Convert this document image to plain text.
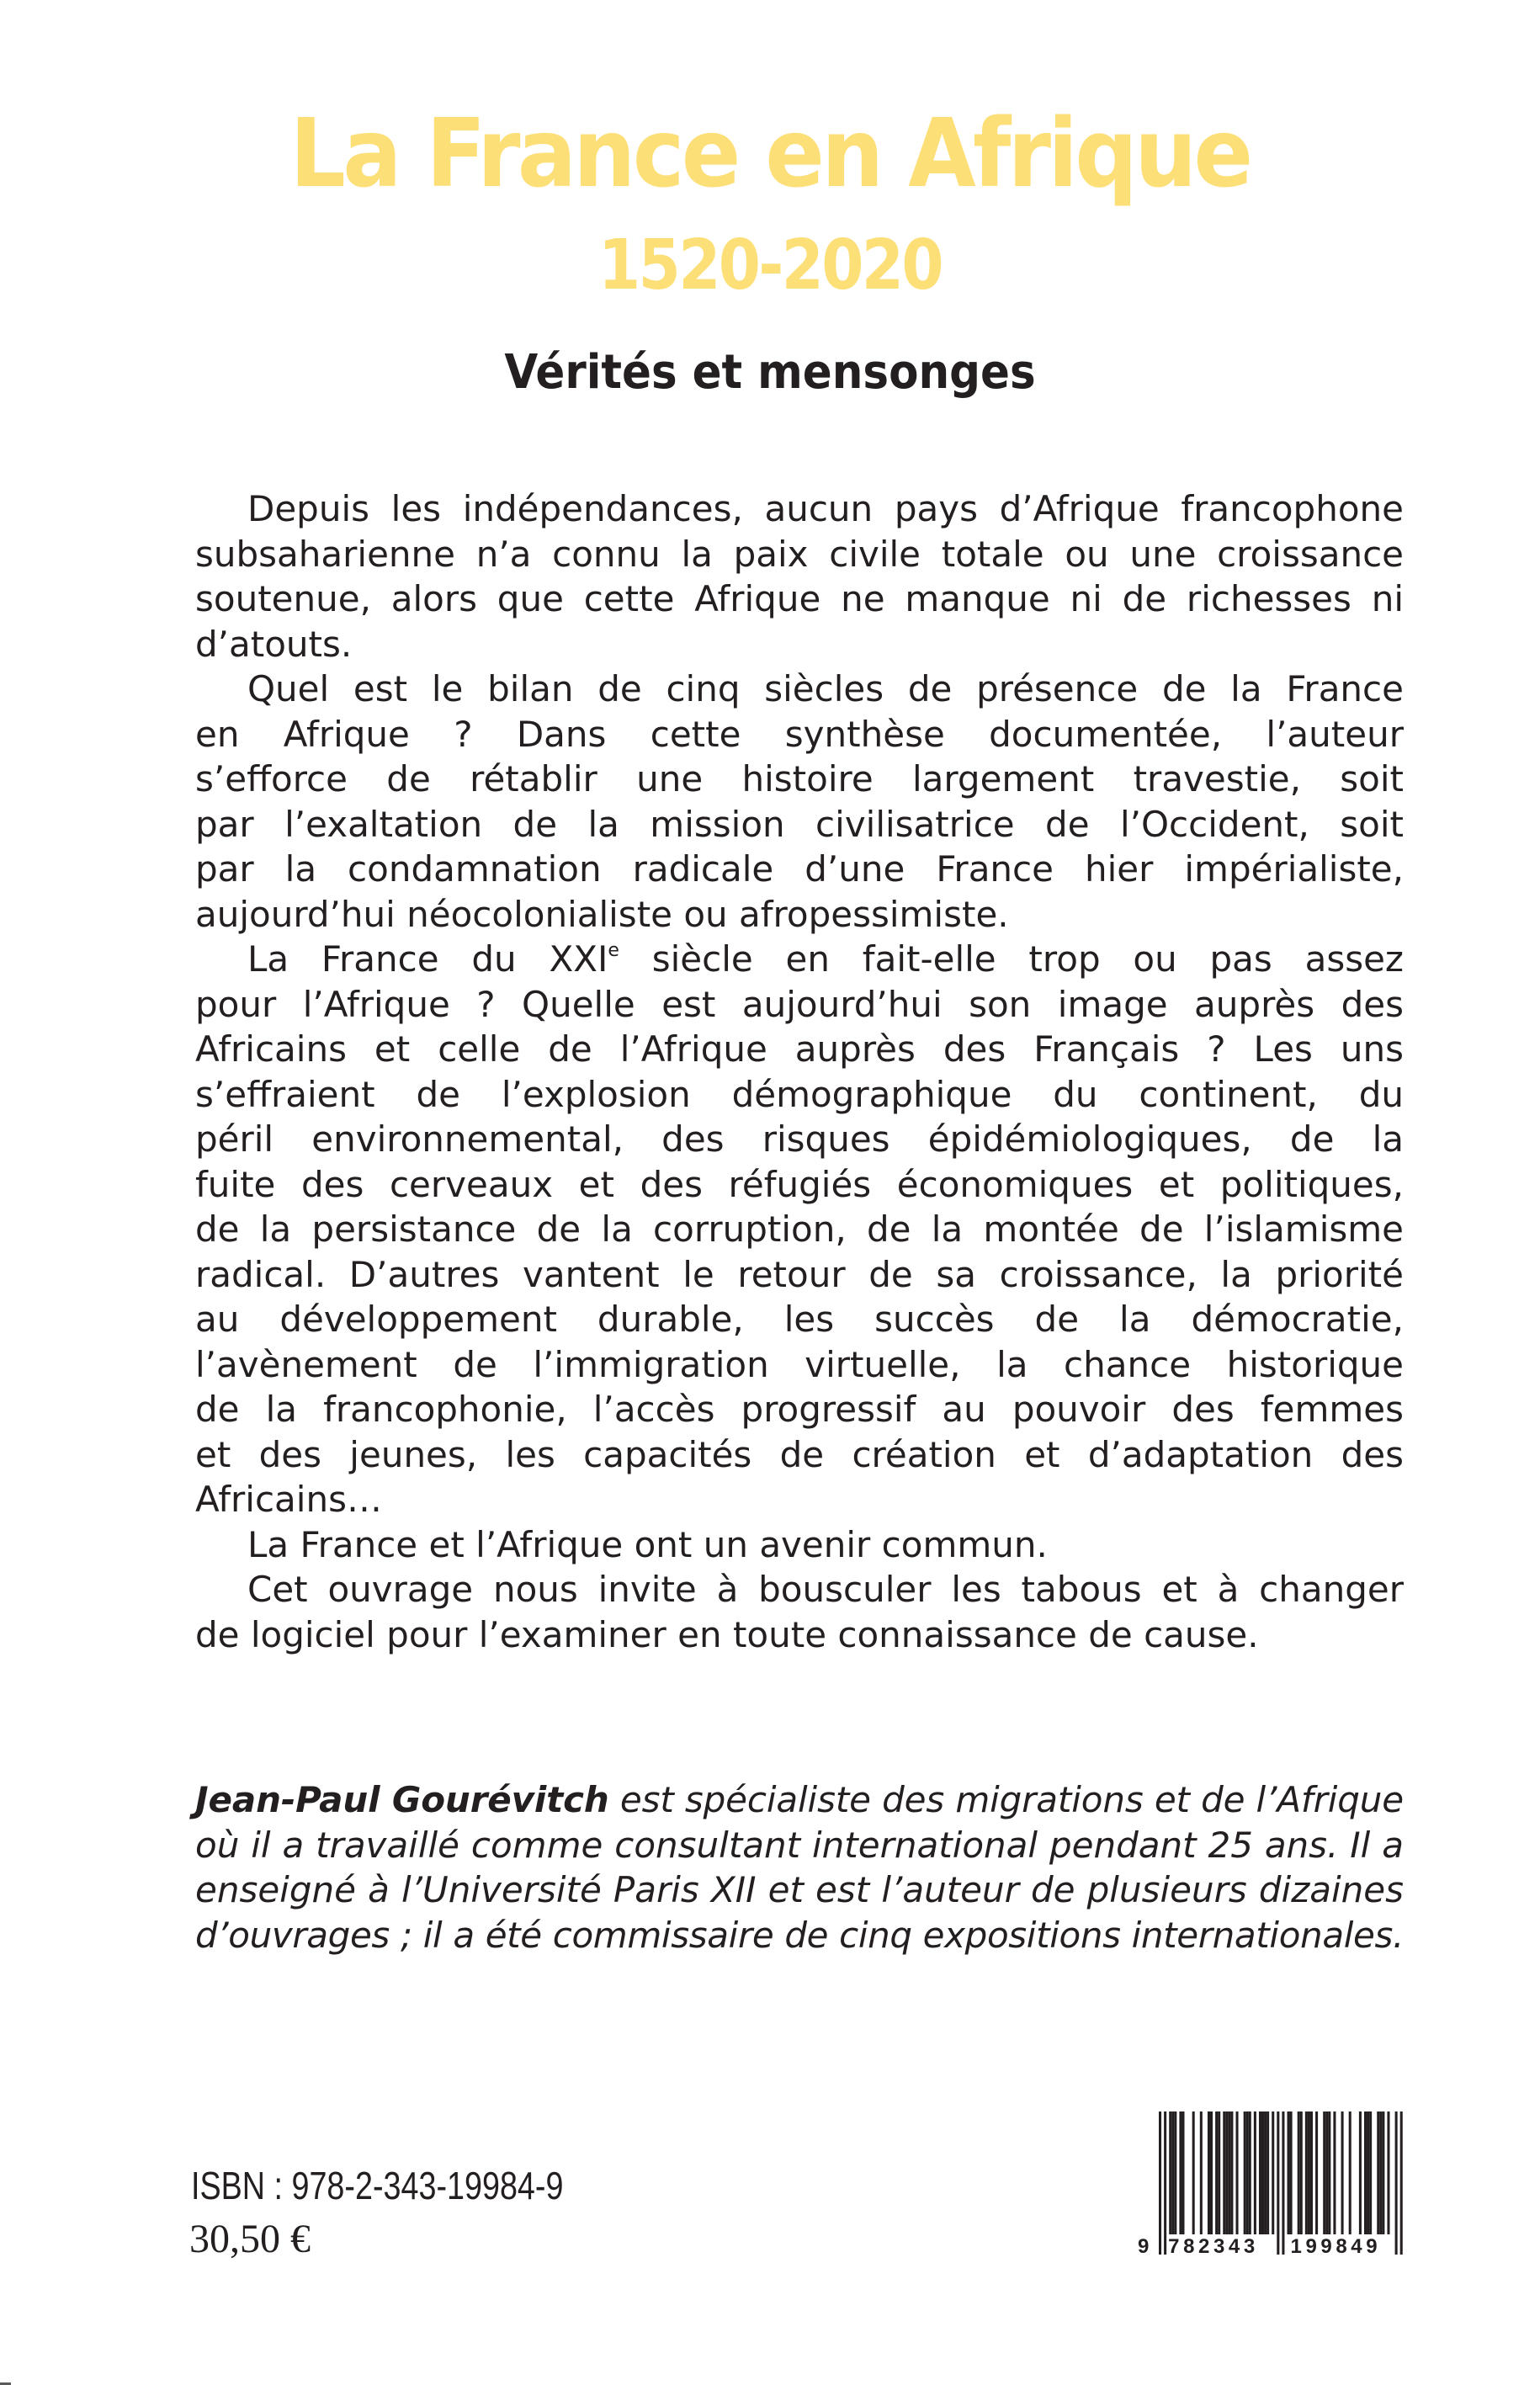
La France en Afrique
1520-2020
Vérités et mensonges
Depuis les indépendances, aucun pays d’Afrique francophone
subsaharienne n’a connu la paix civile totale ou une croissance
soutenue, alors que cette Afrique ne manque ni de richesses ni
d’atouts.
Quel est le bilan de cinq siècles de présence de la France
en Afrique ? Dans cette synthèse documentée, l’auteur
s’efforce de rétablir une histoire largement travestie, soit
par l’exaltation de la mission civilisatrice de l’Occident, soit
par la condamnation radicale d’une France hier impérialiste,
aujourd’hui néocolonialiste ou afropessimiste.
La France du XXIe siècle en fait-elle trop ou pas assez
pour l’Afrique ? Quelle est aujourd’hui son image auprès des
Africains et celle de l’Afrique auprès des Français ? Les uns
s’effraient de l’explosion démographique du continent, du
péril environnemental, des risques épidémiologiques, de la
fuite des cerveaux et des réfugiés économiques et politiques,
de la persistance de la corruption, de la montée de l’islamisme
radical. D’autres vantent le retour de sa croissance, la priorité
au développement durable, les succès de la démocratie,
l’avènement de l’immigration virtuelle, la chance historique
de la francophonie, l’accès progressif au pouvoir des femmes
et des jeunes, les capacités de création et d’adaptation des
Africains…
La France et l’Afrique ont un avenir commun.
Cet ouvrage nous invite à bousculer les tabous et à changer
de logiciel pour l’examiner en toute connaissance de cause.
Jean-Paul Gourévitch est spécialiste des migrations et de l’Afrique
où il a travaillé comme consultant international pendant 25 ans. Il a
enseigné à l’Université Paris XII et est l’auteur de plusieurs dizaines
d’ouvrages ; il a été commissaire de cinq expositions internationales.
ISBN : 978-2-343-19984-9
30,50 €	9 782343 199849
